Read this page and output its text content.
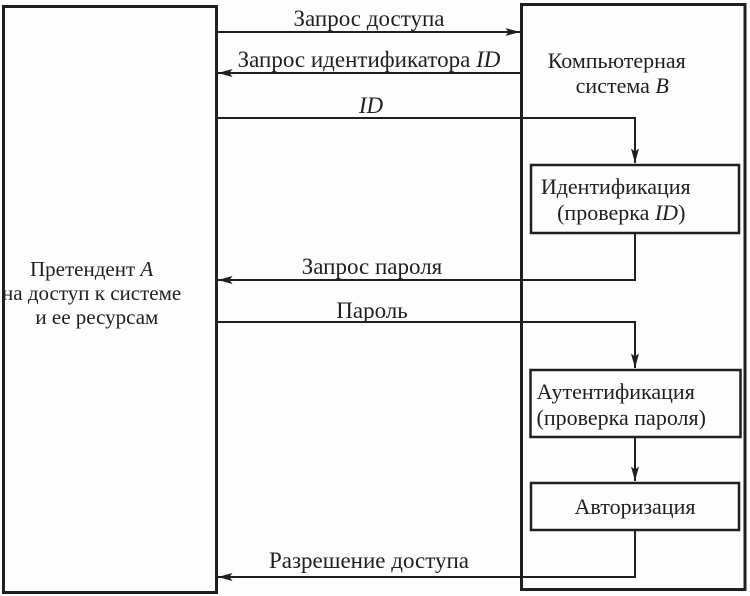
Претендент A на доступ к системе и ее ресурсам
Компьютерная система B
Запрос доступа
Запрос идентификатора ID
ID
Запрос пароля
Пароль
Разрешение доступа
Идентификация (проверка ID)
Аутентификация (проверка пароля)
Авторизация
